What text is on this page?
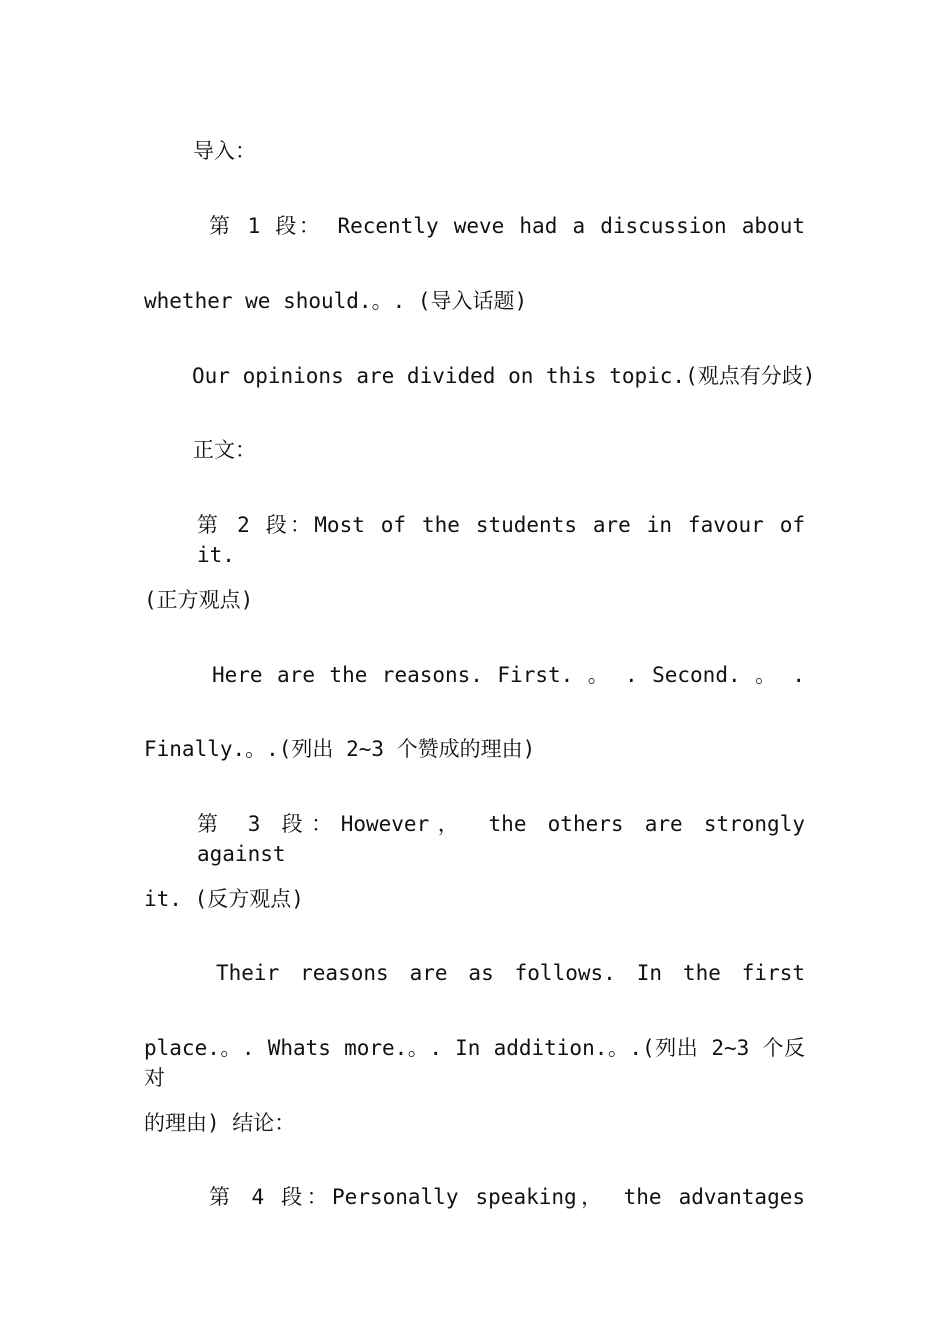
导入：
第 1 段： Recently weve had a discussion about
whether we should.。. (导入话题)
Our opinions are divided on this topic.(观点有分歧)
正文：
第 2 段：Most of the students are in favour of it.
(正方观点)
Here are the reasons. First. 。 . Second. 。 .
Finally.。.(列出 2~3 个赞成的理由)
第 3 段：However， the others are strongly against
it. (反方观点)
Their reasons are as follows. In the first
place.。. Whats more.。. In addition.。.(列出 2~3 个反对
的理由) 结论：
第 4 段：Personally speaking， the advantages
